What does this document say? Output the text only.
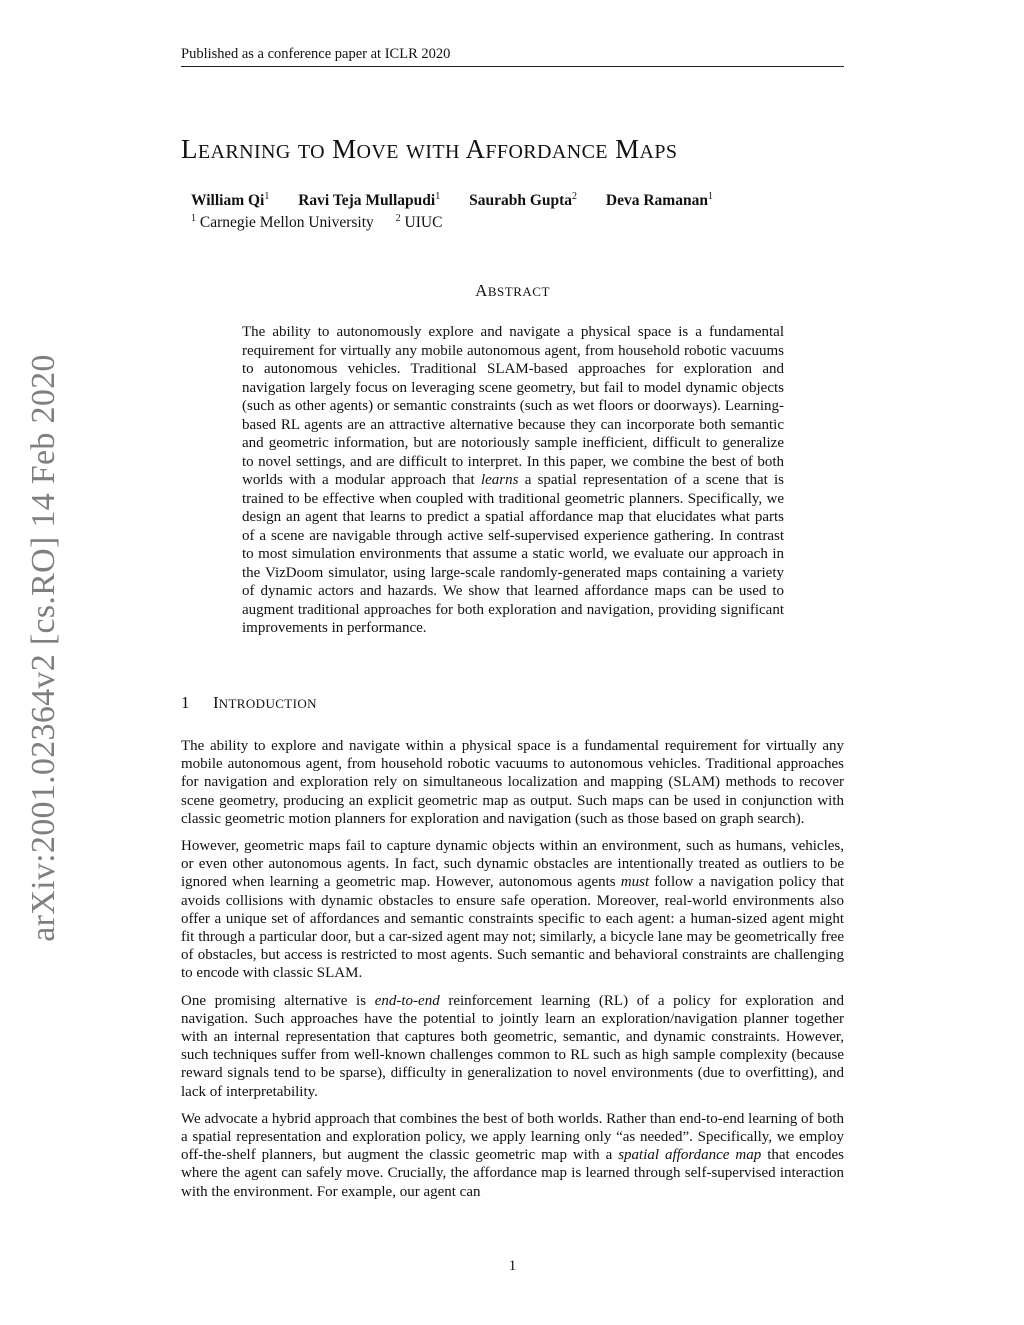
Published as a conference paper at ICLR 2020
arXiv:2001.02364v2 [cs.RO] 14 Feb 2020
LEARNING TO MOVE WITH AFFORDANCE MAPS
William Qi$^1$ Ravi Teja Mullapudi$^1$ Saurabh Gupta$^2$ Deva Ramanan$^1$
$^1$ Carnegie Mellon University $^2$ UIUC
ABSTRACT

The ability to autonomously explore and navigate a physical space is a fundamental requirement for virtually any mobile autonomous agent, from household robotic vacuums to autonomous vehicles. Traditional SLAM-based approaches for exploration and navigation largely focus on leveraging scene geometry, but fail to model dynamic objects (such as other agents) or semantic constraints (such as wet floors or doorways). Learning-based RL agents are an attractive alternative because they can incorporate both semantic and geometric information, but are notoriously sample inefficient, difficult to generalize to novel settings, and are difficult to interpret. In this paper, we combine the best of both worlds with a modular approach that learns a spatial representation of a scene that is trained to be effective when coupled with traditional geometric planners. Specifically, we design an agent that learns to predict a spatial affordance map that elucidates what parts of a scene are navigable through active self-supervised experience gathering. In contrast to most simulation environments that assume a static world, we evaluate our approach in the VizDoom simulator, using large-scale randomly-generated maps containing a variety of dynamic actors and hazards. We show that learned affordance maps can be used to augment traditional approaches for both exploration and navigation, providing significant improvements in performance.

1 INTRODUCTION

The ability to explore and navigate within a physical space is a fundamental requirement for virtually any mobile autonomous agent, from household robotic vacuums to autonomous vehicles. Traditional approaches for navigation and exploration rely on simultaneous localization and mapping (SLAM) methods to recover scene geometry, producing an explicit geometric map as output. Such maps can be used in conjunction with classic geometric motion planners for exploration and navigation (such as those based on graph search).

However, geometric maps fail to capture dynamic objects within an environment, such as humans, vehicles, or even other autonomous agents. In fact, such dynamic obstacles are intentionally treated as outliers to be ignored when learning a geometric map. However, autonomous agents must follow a navigation policy that avoids collisions with dynamic obstacles to ensure safe operation. Moreover, real-world environments also offer a unique set of affordances and semantic constraints specific to each agent: a human-sized agent might fit through a particular door, but a car-sized agent may not; similarly, a bicycle lane may be geometrically free of obstacles, but access is restricted to most agents. Such semantic and behavioral constraints are challenging to encode with classic SLAM.

One promising alternative is end-to-end reinforcement learning (RL) of a policy for exploration and navigation. Such approaches have the potential to jointly learn an exploration/navigation planner together with an internal representation that captures both geometric, semantic, and dynamic constraints. However, such techniques suffer from well-known challenges common to RL such as high sample complexity (because reward signals tend to be sparse), difficulty in generalization to novel environments (due to overfitting), and lack of interpretability.

We advocate a hybrid approach that combines the best of both worlds. Rather than end-to-end learning of both a spatial representation and exploration policy, we apply learning only “as needed”. Specifically, we employ off-the-shelf planners, but augment the classic geometric map with a spatial affordance map that encodes where the agent can safely move. Crucially, the affordance map is learned through self-supervised interaction with the environment. For example, our agent can

1
